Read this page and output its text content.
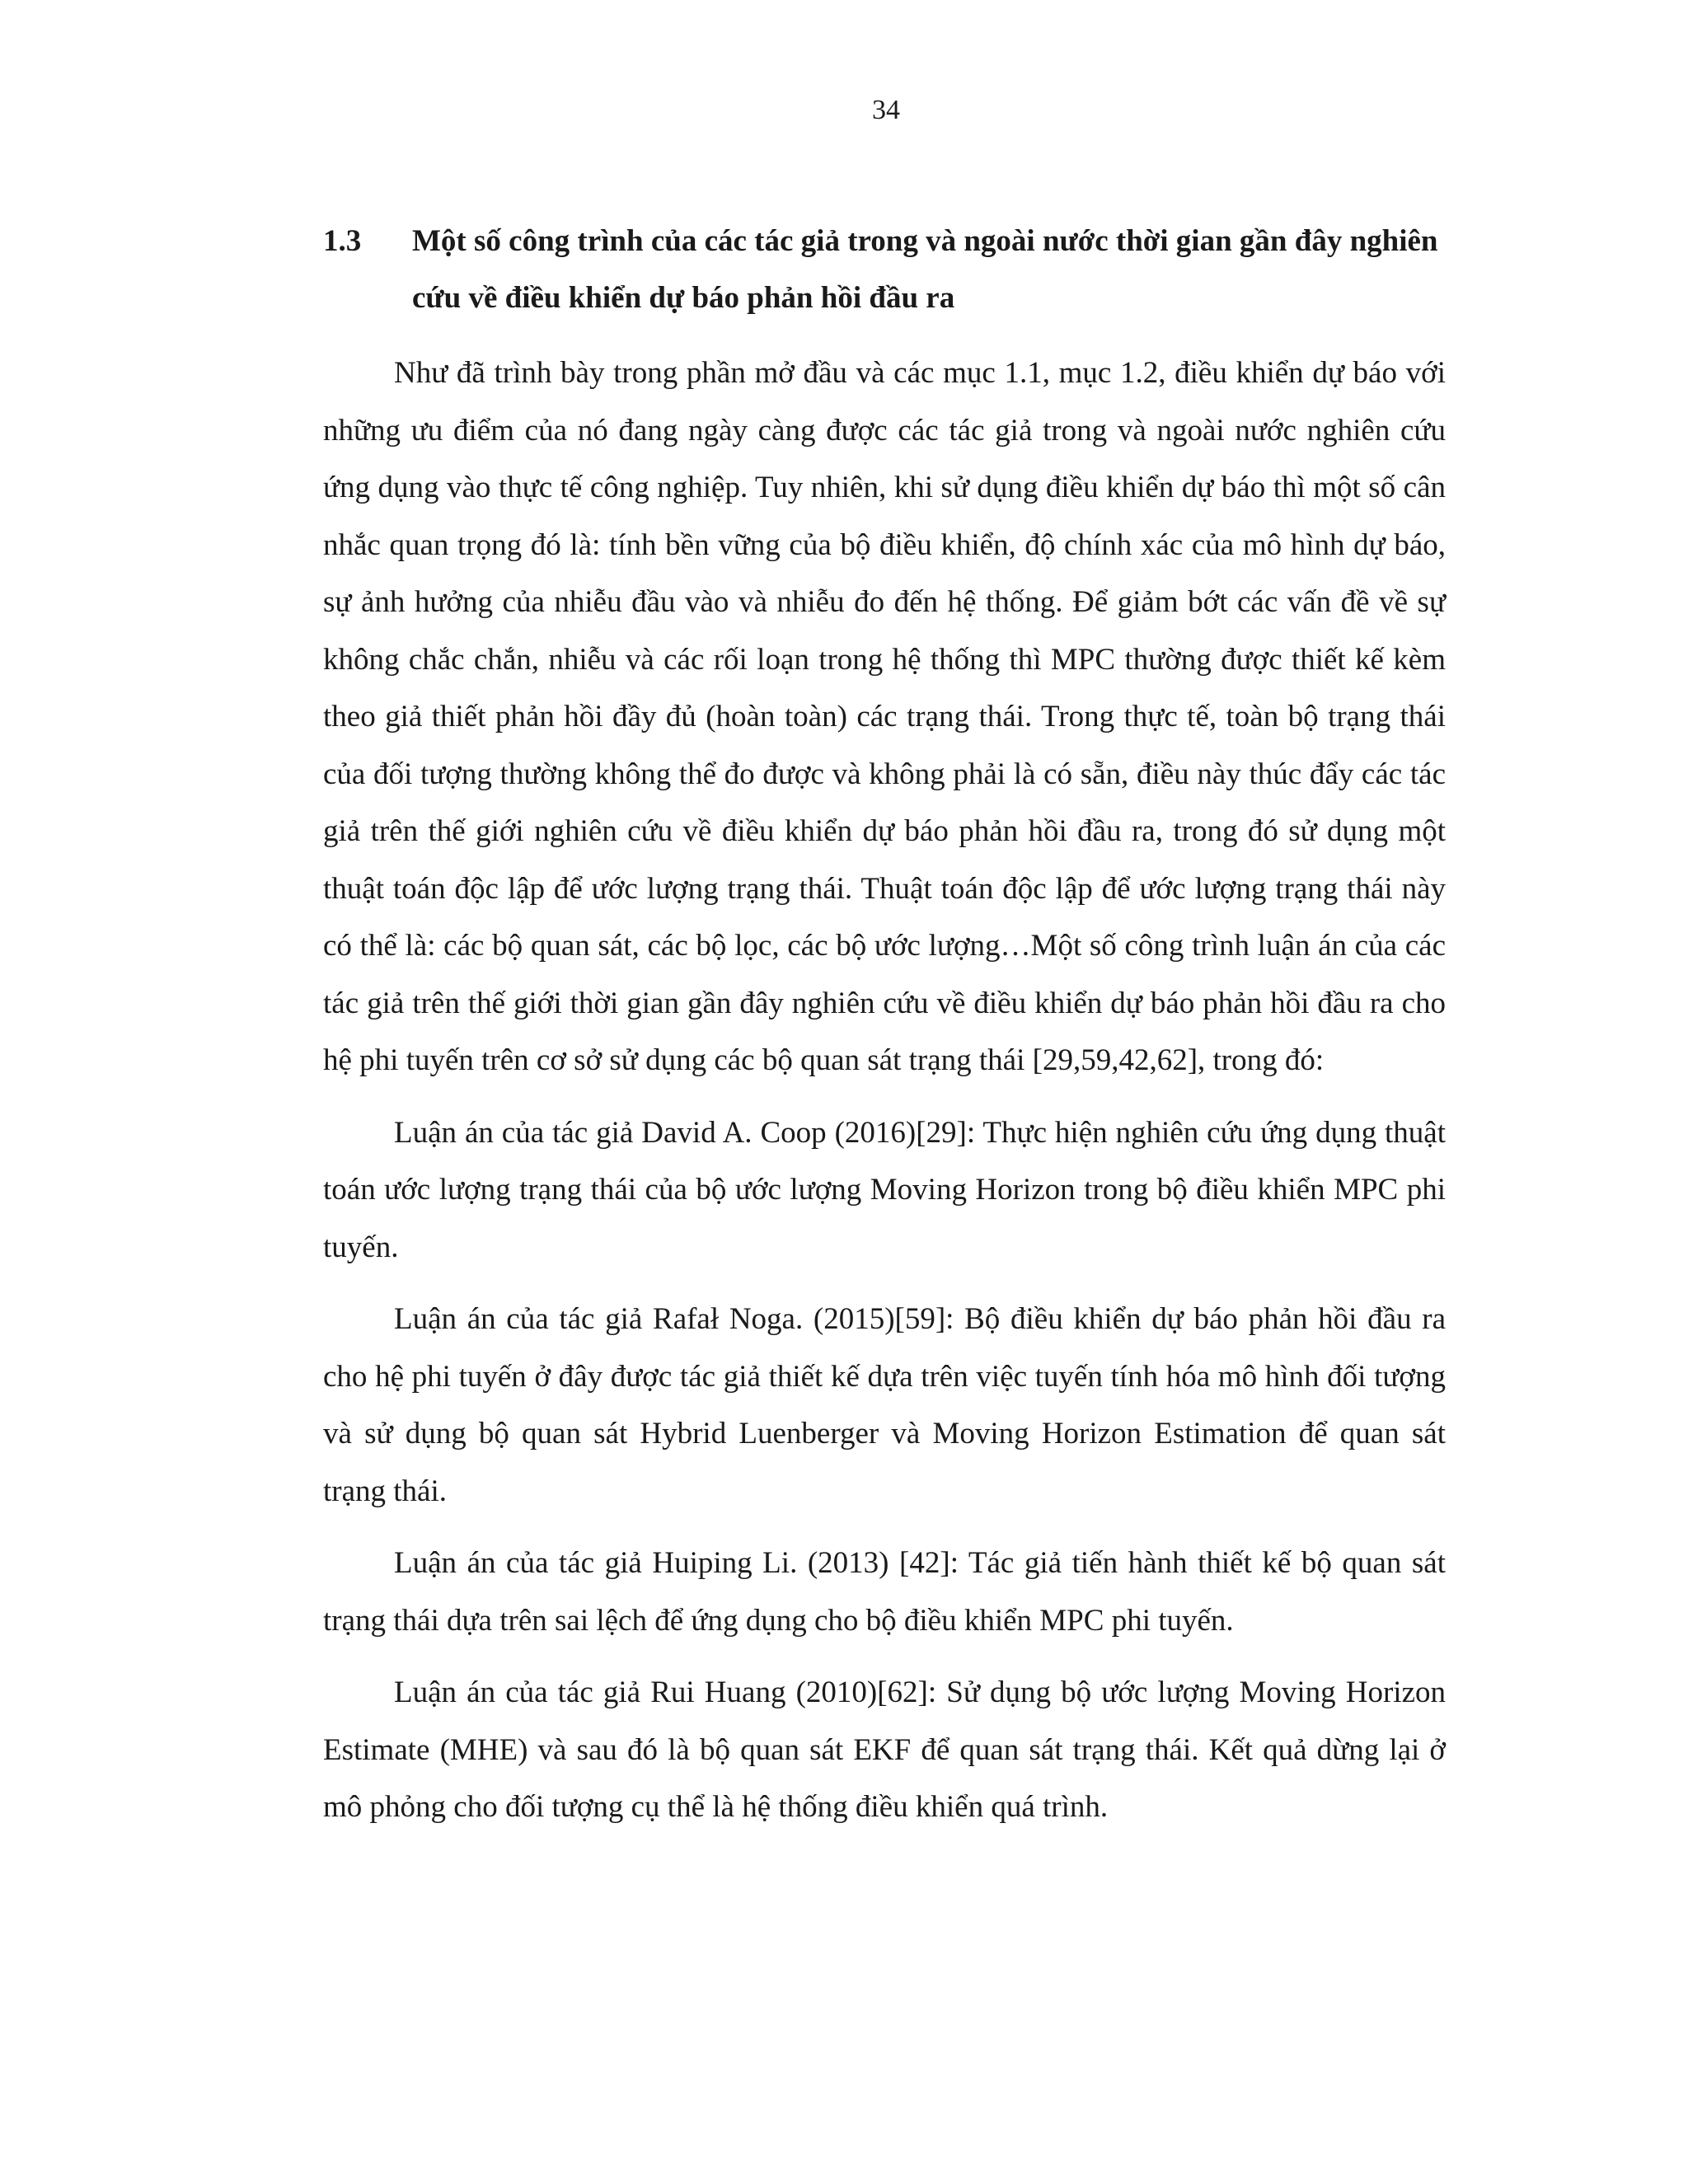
34
1.3	Một số công trình của các tác giả trong và ngoài nước thời gian gần đây nghiên cứu về điều khiển dự báo phản hồi đầu ra

Như đã trình bày trong phần mở đầu và các mục 1.1, mục 1.2, điều khiển dự báo với những ưu điểm của nó đang ngày càng được các tác giả trong và ngoài nước nghiên cứu ứng dụng vào thực tế công nghiệp. Tuy nhiên, khi sử dụng điều khiển dự báo thì một số cân nhắc quan trọng đó là: tính bền vững của bộ điều khiển, độ chính xác của mô hình dự báo, sự ảnh hưởng của nhiễu đầu vào và nhiễu đo đến hệ thống. Để giảm bớt các vấn đề về sự không chắc chắn, nhiễu và các rối loạn trong hệ thống thì MPC thường được thiết kế kèm theo giả thiết phản hồi đầy đủ (hoàn toàn) các trạng thái. Trong thực tế, toàn bộ trạng thái của đối tượng thường không thể đo được và không phải là có sẵn, điều này thúc đẩy các tác giả trên thế giới nghiên cứu về điều khiển dự báo phản hồi đầu ra, trong đó sử dụng một thuật toán độc lập để ước lượng trạng thái. Thuật toán độc lập để ước lượng trạng thái này có thể là: các bộ quan sát, các bộ lọc, các bộ ước lượng…Một số công trình luận án của các tác giả trên thế giới thời gian gần đây nghiên cứu về điều khiển dự báo phản hồi đầu ra cho hệ phi tuyến trên cơ sở sử dụng các bộ quan sát trạng thái [29,59,42,62], trong đó:

Luận án của tác giả David A. Coop (2016)[29]: Thực hiện nghiên cứu ứng dụng thuật toán ước lượng trạng thái của bộ ước lượng Moving Horizon trong bộ điều khiển MPC phi tuyến.

Luận án của tác giả Rafał Noga. (2015)[59]: Bộ điều khiển dự báo phản hồi đầu ra cho hệ phi tuyến ở đây được tác giả thiết kế dựa trên việc tuyến tính hóa mô hình đối tượng và sử dụng bộ quan sát Hybrid Luenberger và Moving Horizon Estimation để quan sát trạng thái.

Luận án của tác giả Huiping Li. (2013) [42]: Tác giả tiến hành thiết kế bộ quan sát trạng thái dựa trên sai lệch để ứng dụng cho bộ điều khiển MPC phi tuyến.

Luận án của tác giả Rui Huang (2010)[62]: Sử dụng bộ ước lượng Moving Horizon Estimate (MHE) và sau đó là bộ quan sát EKF để quan sát trạng thái. Kết quả dừng lại ở mô phỏng cho đối tượng cụ thể là hệ thống điều khiển quá trình.
